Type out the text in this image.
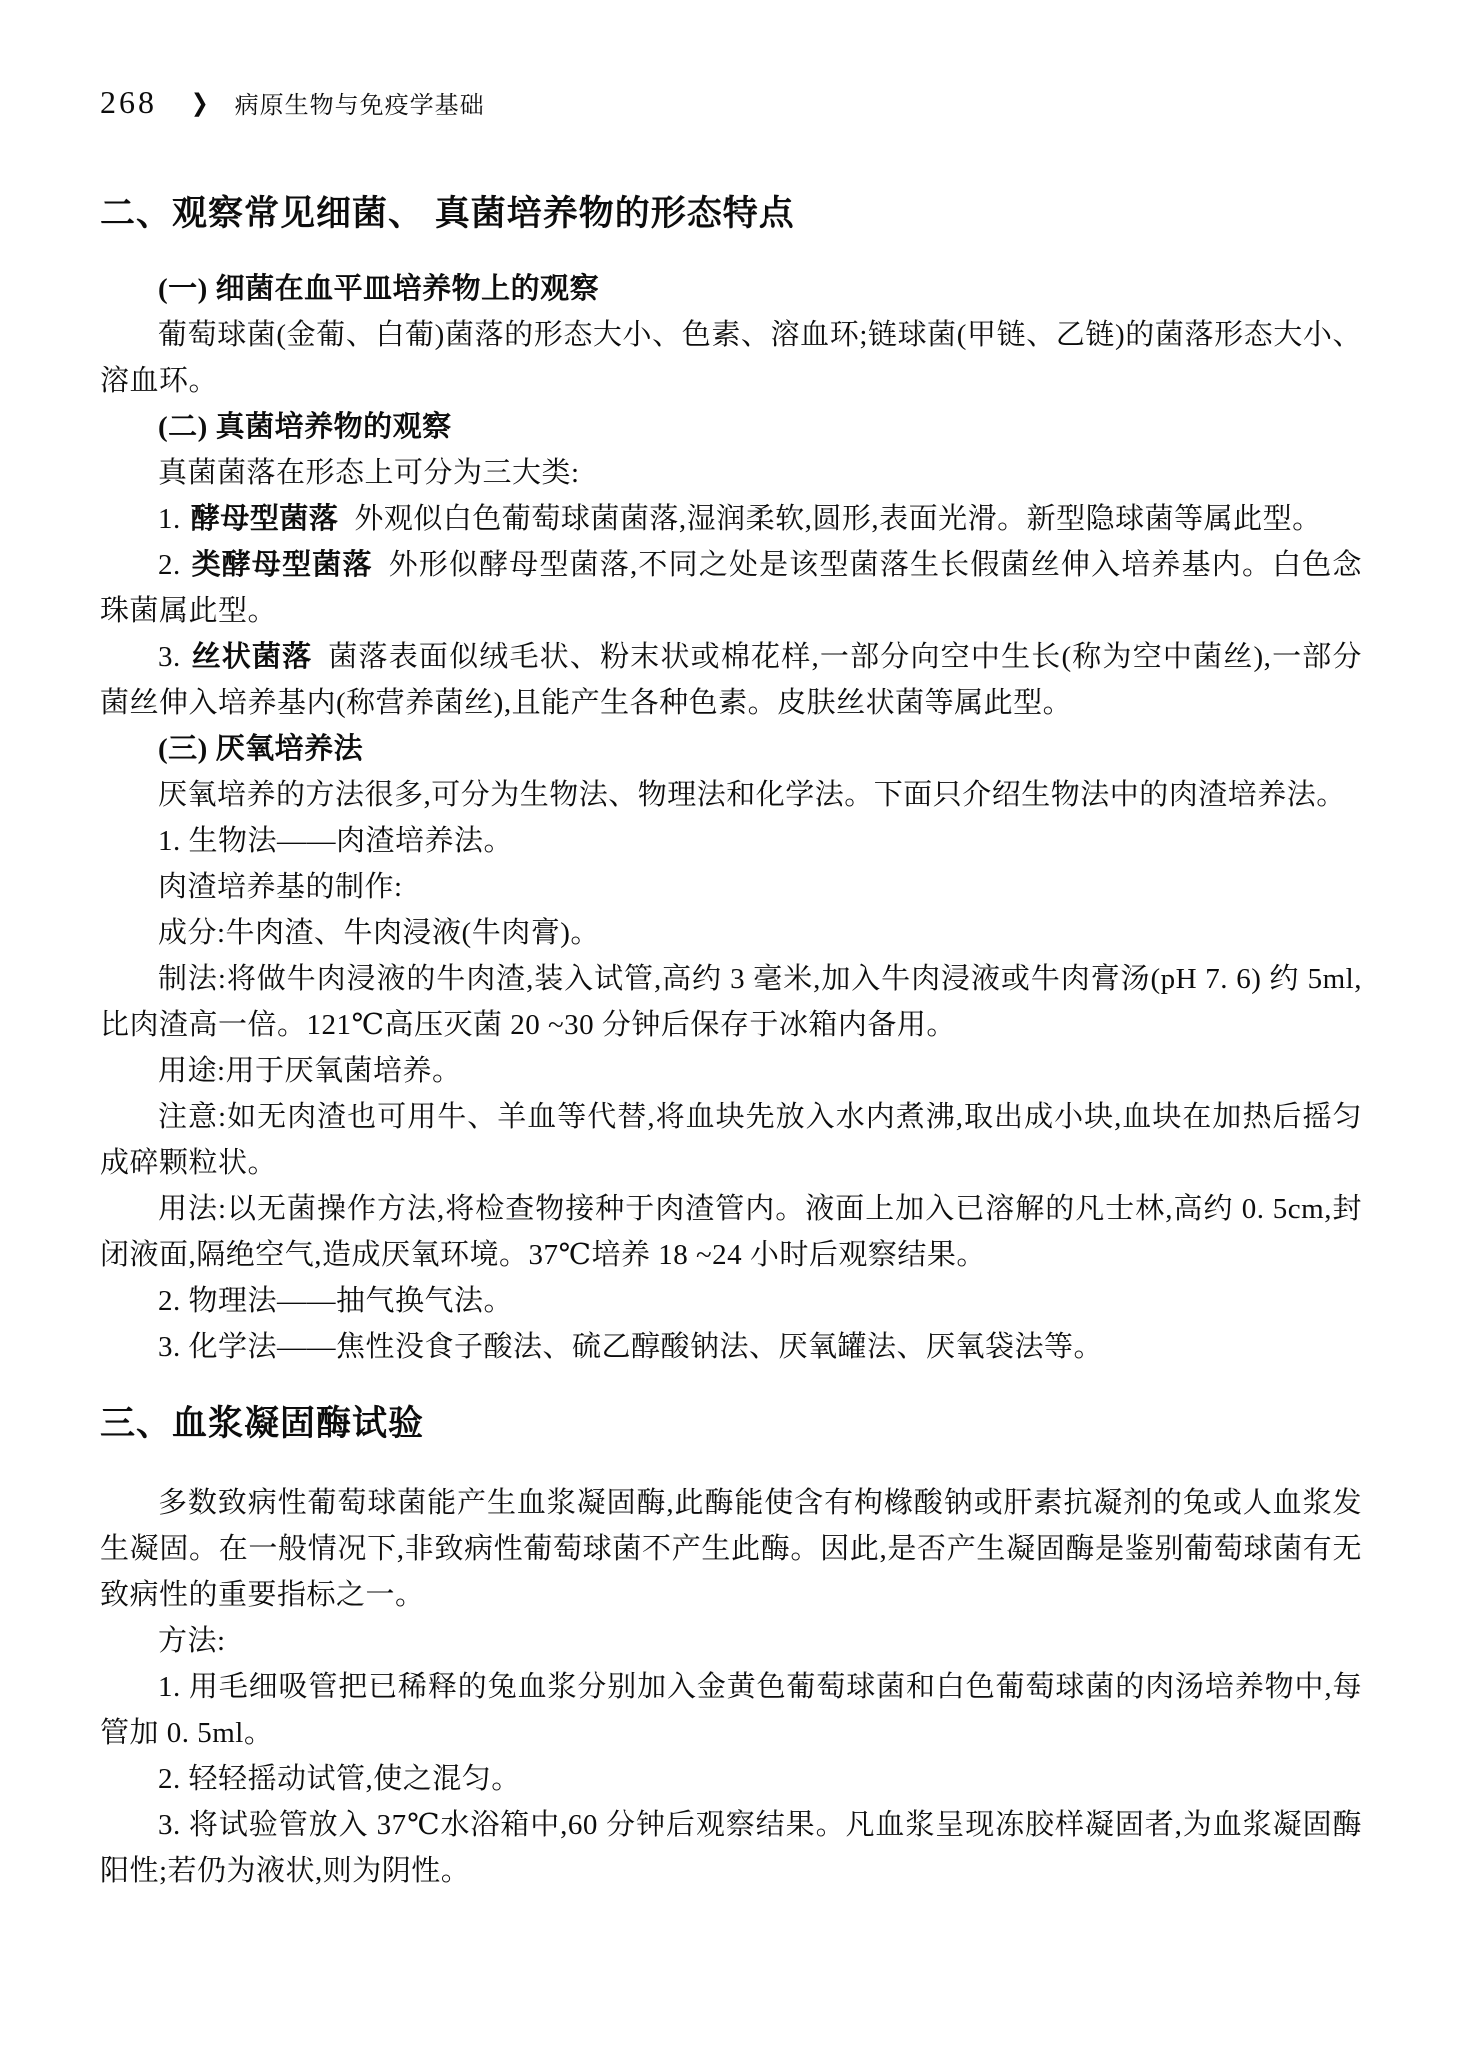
268 ❯ 病原生物与免疫学基础
二、观察常见细菌、 真菌培养物的形态特点
(一) 细菌在血平皿培养物上的观察

葡萄球菌(金葡、白葡)菌落的形态大小、色素、溶血环;链球菌(甲链、乙链)的菌落形态大小、溶血环。

(二) 真菌培养物的观察

真菌菌落在形态上可分为三大类:

1. 酵母型菌落 外观似白色葡萄球菌菌落,湿润柔软,圆形,表面光滑。新型隐球菌等属此型。

2. 类酵母型菌落 外形似酵母型菌落,不同之处是该型菌落生长假菌丝伸入培养基内。白色念珠菌属此型。

3. 丝状菌落 菌落表面似绒毛状、粉末状或棉花样,一部分向空中生长(称为空中菌丝),一部分菌丝伸入培养基内(称营养菌丝),且能产生各种色素。皮肤丝状菌等属此型。

(三) 厌氧培养法

厌氧培养的方法很多,可分为生物法、物理法和化学法。下面只介绍生物法中的肉渣培养法。

1. 生物法——肉渣培养法。

肉渣培养基的制作:

成分:牛肉渣、牛肉浸液(牛肉膏)。

制法:将做牛肉浸液的牛肉渣,装入试管,高约 3 毫米,加入牛肉浸液或牛肉膏汤(pH 7. 6) 约 5ml,比肉渣高一倍。121℃高压灭菌 20 ~30 分钟后保存于冰箱内备用。

用途:用于厌氧菌培养。

注意:如无肉渣也可用牛、羊血等代替,将血块先放入水内煮沸,取出成小块,血块在加热后摇匀成碎颗粒状。

用法:以无菌操作方法,将检查物接种于肉渣管内。液面上加入已溶解的凡士林,高约 0. 5cm,封闭液面,隔绝空气,造成厌氧环境。37℃培养 18 ~24 小时后观察结果。

2. 物理法——抽气换气法。

3. 化学法——焦性没食子酸法、硫乙醇酸钠法、厌氧罐法、厌氧袋法等。

三、血浆凝固酶试验

多数致病性葡萄球菌能产生血浆凝固酶,此酶能使含有枸橼酸钠或肝素抗凝剂的兔或人血浆发生凝固。在一般情况下,非致病性葡萄球菌不产生此酶。因此,是否产生凝固酶是鉴别葡萄球菌有无致病性的重要指标之一。

方法:

1. 用毛细吸管把已稀释的兔血浆分别加入金黄色葡萄球菌和白色葡萄球菌的肉汤培养物中,每管加 0. 5ml。

2. 轻轻摇动试管,使之混匀。

3. 将试验管放入 37℃水浴箱中,60 分钟后观察结果。凡血浆呈现冻胶样凝固者,为血浆凝固酶阳性;若仍为液状,则为阴性。
